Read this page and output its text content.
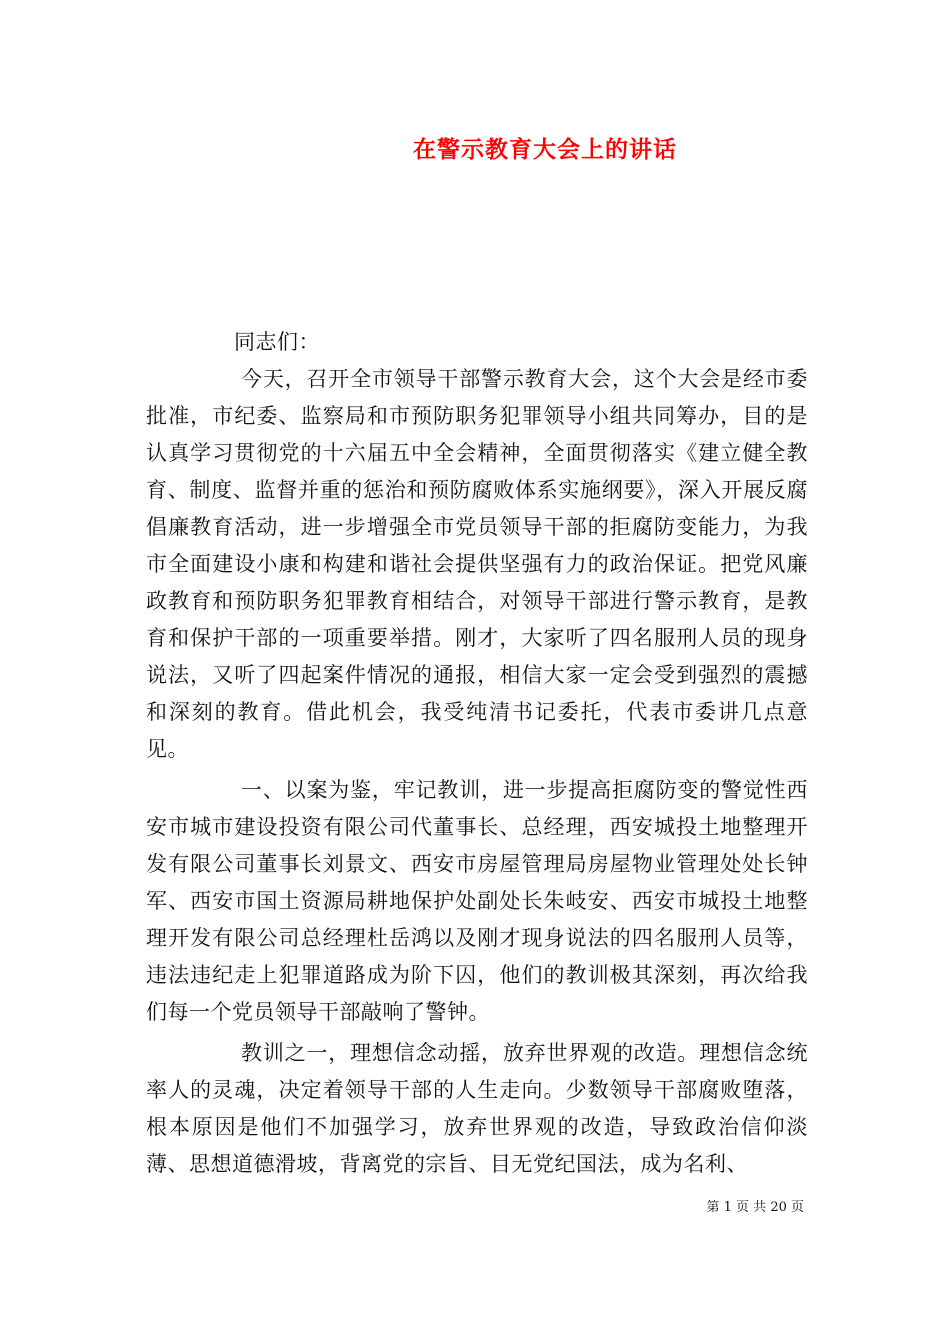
在警示教育大会上的讲话

同志们：

今天，召开全市领导干部警示教育大会，这个大会是经市委批准，市纪委、监察局和市预防职务犯罪领导小组共同筹办，目的是认真学习贯彻党的十六届五中全会精神，全面贯彻落实《建立健全教育、制度、监督并重的惩治和预防腐败体系实施纲要》，深入开展反腐倡廉教育活动，进一步增强全市党员领导干部的拒腐防变能力，为我市全面建设小康和构建和谐社会提供坚强有力的政治保证。把党风廉政教育和预防职务犯罪教育相结合，对领导干部进行警示教育，是教育和保护干部的一项重要举措。刚才，大家听了四名服刑人员的现身说法，又听了四起案件情况的通报，相信大家一定会受到强烈的震撼和深刻的教育。借此机会，我受纯清书记委托，代表市委讲几点意见。

一、以案为鉴，牢记教训，进一步提高拒腐防变的警觉性西安市城市建设投资有限公司代董事长、总经理，西安城投土地整理开发有限公司董事长刘景文、西安市房屋管理局房屋物业管理处处长钟军、西安市国土资源局耕地保护处副处长朱岐安、西安市城投土地整理开发有限公司总经理杜岳鸿以及刚才现身说法的四名服刑人员等，违法违纪走上犯罪道路成为阶下囚，他们的教训极其深刻，再次给我们每一个党员领导干部敲响了警钟。

教训之一，理想信念动摇，放弃世界观的改造。理想信念统率人的灵魂，决定着领导干部的人生走向。少数领导干部腐败堕落，根本原因是他们不加强学习，放弃世界观的改造，导致政治信仰淡薄、思想道德滑坡，背离党的宗旨、目无党纪国法，成为名利、

第 1 页 共 20 页
